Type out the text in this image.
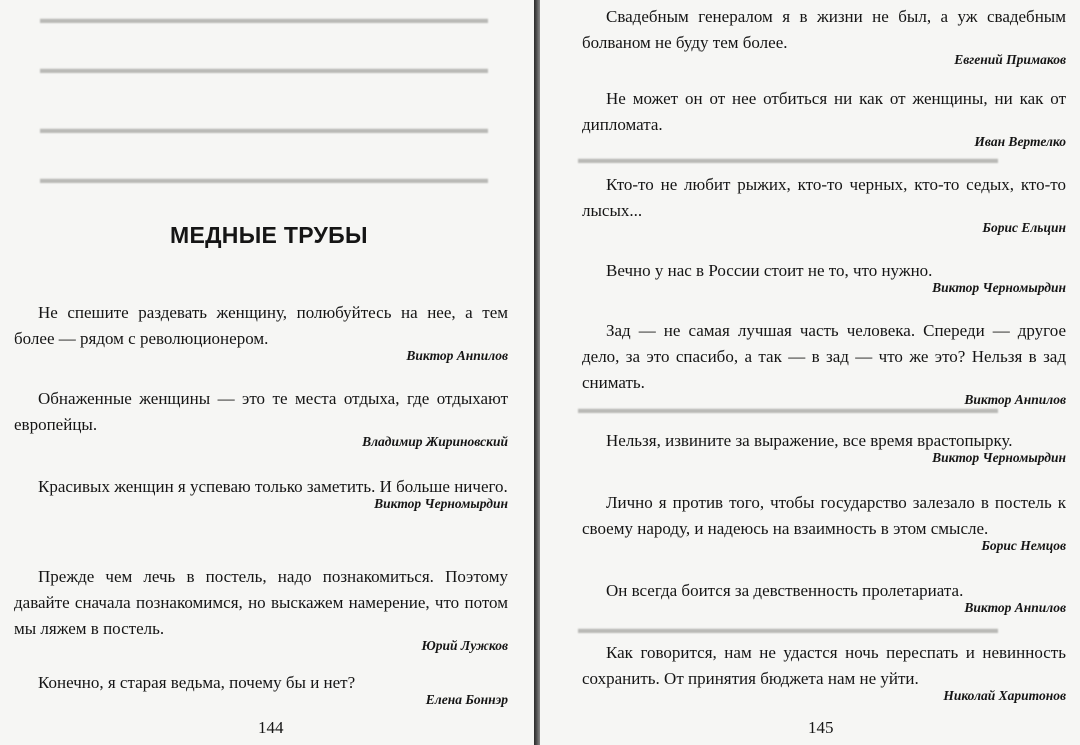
▬▬▬▬▬▬▬▬▬▬▬▬▬▬▬▬▬▬▬▬▬▬▬▬▬▬▬▬▬▬▬▬
▬▬▬▬▬▬▬▬▬▬▬▬▬▬▬▬▬▬▬▬▬▬▬▬▬▬▬▬▬▬▬▬
▬▬▬▬▬▬▬▬▬▬▬▬▬▬▬▬▬▬▬▬▬▬▬▬▬▬▬▬▬▬▬▬
▬▬▬▬▬▬▬▬▬▬▬▬▬▬▬▬▬▬▬▬▬▬▬▬▬▬▬▬▬▬▬▬
МЕДНЫЕ ТРУБЫ
Не спешите раздевать женщину, полюбуйтесь на нее, а тем более — рядом с революционером.
Виктор Анпилов
Обнаженные женщины — это те места отдыха, где отдыхают европейцы.
Владимир Жириновский
Красивых женщин я успеваю только заметить. И больше ничего.
Виктор Черномырдин
Прежде чем лечь в постель, надо познакомиться. Поэтому давайте сначала познакомимся, но выскажем намерение, что потом мы ляжем в постель.
Юрий Лужков
Конечно, я старая ведьма, почему бы и нет?
Елена Боннэр
144
▬▬▬▬▬▬▬▬▬▬▬▬▬▬▬▬▬▬▬▬▬▬▬▬▬▬▬▬▬▬
▬▬▬▬▬▬▬▬▬▬▬▬▬▬▬▬▬▬▬▬▬▬▬▬▬▬▬▬▬▬
▬▬▬▬▬▬▬▬▬▬▬▬▬▬▬▬▬▬▬▬▬▬▬▬▬▬▬▬▬▬
Свадебным генералом я в жизни не был, а уж свадебным болваном не буду тем более.
Евгений Примаков
Не может он от нее отбиться ни как от женщины, ни как от дипломата.
Иван Вертелко
Кто-то не любит рыжих, кто-то черных, кто-то седых, кто-то лысых...
Борис Ельцин
Вечно у нас в России стоит не то, что нужно.
Виктор Черномырдин
Зад — не самая лучшая часть человека. Спереди — другое дело, за это спасибо, а так — в зад — что же это? Нельзя в зад снимать.
Виктор Анпилов
Нельзя, извините за выражение, все время врастопырку.
Виктор Черномырдин
Лично я против того, чтобы государство залезало в постель к своему народу, и надеюсь на взаимность в этом смысле.
Борис Немцов
Он всегда боится за девственность пролетариата.
Виктор Анпилов
Как говорится, нам не удастся ночь переспать и невинность сохранить. От принятия бюджета нам не уйти.
Николай Харитонов
145
